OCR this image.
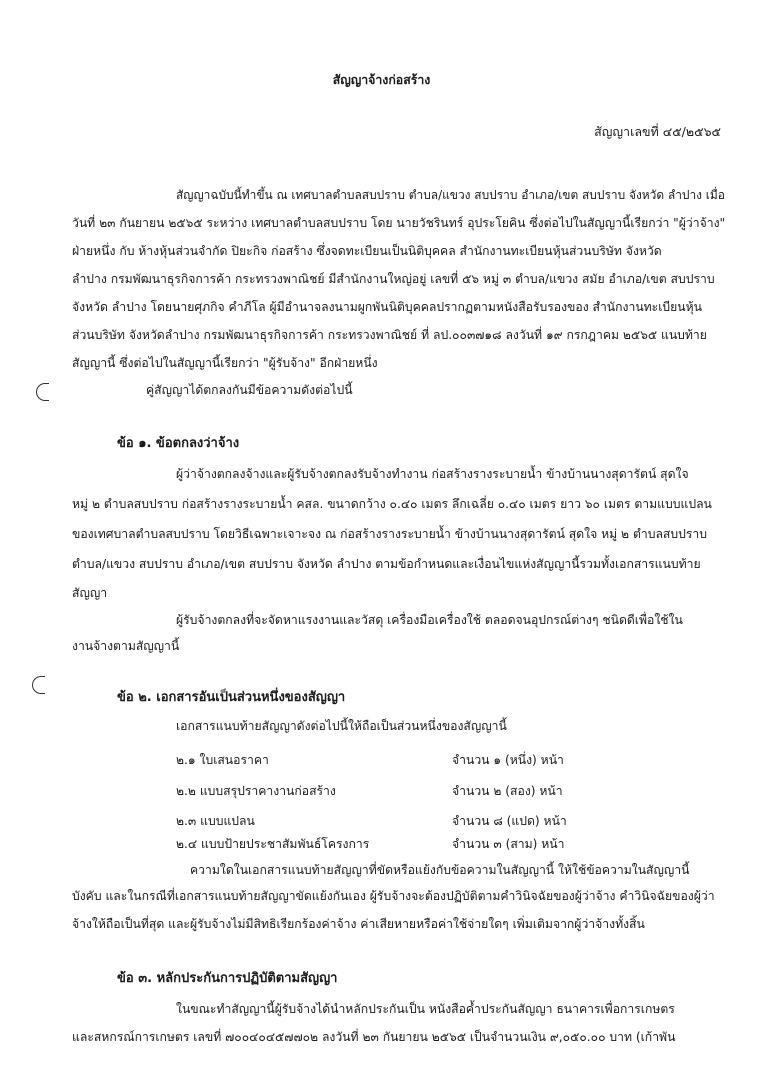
สัญญาจ้างก่อสร้าง
สัญญาเลขที่ ๔๕/๒๕๖๕
สัญญาฉบับนี้ทำขึ้น ณ เทศบาลตำบลสบปราบ ตำบล/แขวง สบปราบ อำเภอ/เขต สบปราบ จังหวัด ลำปาง เมื่อ
วันที่ ๒๓ กันยายน ๒๕๖๕ ระหว่าง เทศบาลตำบลสบปราบ โดย นายวัชรินทร์ อุประโยคิน ซึ่งต่อไปในสัญญานี้เรียกว่า "ผู้ว่าจ้าง"
ฝ่ายหนึ่ง กับ ห้างหุ้นส่วนจำกัด ปิยะกิจ ก่อสร้าง ซึ่งจดทะเบียนเป็นนิติบุคคล สำนักงานทะเบียนหุ้นส่วนบริษัท จังหวัด
ลำปาง กรมพัฒนาธุรกิจการค้า กระทรวงพาณิชย์ มีสำนักงานใหญ่อยู่ เลขที่ ๕๖ หมู่ ๓ ตำบล/แขวง สมัย อำเภอ/เขต สบปราบ
จังหวัด ลำปาง โดยนายศุภกิจ คำภีโล ผู้มีอำนาจลงนามผูกพันนิติบุคคลปรากฏตามหนังสือรับรองของ สำนักงานทะเบียนหุ้น
ส่วนบริษัท จังหวัดลำปาง กรมพัฒนาธุรกิจการค้า กระทรวงพาณิชย์ ที่ ลป.๐๐๓๗๑๘ ลงวันที่ ๑๙ กรกฎาคม ๒๕๖๕ แนบท้าย
สัญญานี้ ซึ่งต่อไปในสัญญานี้เรียกว่า "ผู้รับจ้าง" อีกฝ่ายหนึ่ง
คู่สัญญาได้ตกลงกันมีข้อความดังต่อไปนี้
ข้อ ๑. ข้อตกลงว่าจ้าง
ผู้ว่าจ้างตกลงจ้างและผู้รับจ้างตกลงรับจ้างทำงาน ก่อสร้างรางระบายน้ำ ข้างบ้านนางสุดารัตน์ สุดใจ
หมู่ ๒ ตำบลสบปราบ ก่อสร้างรางระบายน้ำ คสล. ขนาดกว้าง ๐.๔๐ เมตร ลึกเฉลี่ย ๐.๔๐ เมตร ยาว ๖๐ เมตร ตามแบบแปลน
ของเทศบาลตำบลสบปราบ โดยวิธีเฉพาะเจาะจง ณ ก่อสร้างรางระบายน้ำ ข้างบ้านนางสุดารัตน์ สุดใจ หมู่ ๒ ตำบลสบปราบ
ตำบล/แขวง สบปราบ อำเภอ/เขต สบปราบ จังหวัด ลำปาง ตามข้อกำหนดและเงื่อนไขแห่งสัญญานี้รวมทั้งเอกสารแนบท้าย
สัญญา
ผู้รับจ้างตกลงที่จะจัดหาแรงงานและวัสดุ เครื่องมือเครื่องใช้ ตลอดจนอุปกรณ์ต่างๆ ชนิดดีเพื่อใช้ใน
งานจ้างตามสัญญานี้
ข้อ ๒. เอกสารอันเป็นส่วนหนึ่งของสัญญา
เอกสารแนบท้ายสัญญาดังต่อไปนี้ให้ถือเป็นส่วนหนึ่งของสัญญานี้
๒.๑ ใบเสนอราคา	จำนวน ๑ (หนึ่ง) หน้า
๒.๒ แบบสรุปราคางานก่อสร้าง	จำนวน ๒ (สอง) หน้า
๒.๓ แบบแปลน	จำนวน ๘ (แปด) หน้า
๒.๔ แบบป้ายประชาสัมพันธ์โครงการ	จำนวน ๓ (สาม) หน้า
ความใดในเอกสารแนบท้ายสัญญาที่ขัดหรือแย้งกับข้อความในสัญญานี้ ให้ใช้ข้อความในสัญญานี้
บังคับ และในกรณีที่เอกสารแนบท้ายสัญญาขัดแย้งกันเอง ผู้รับจ้างจะต้องปฏิบัติตามคำวินิจฉัยของผู้ว่าจ้าง คำวินิจฉัยของผู้ว่า
จ้างให้ถือเป็นที่สุด และผู้รับจ้างไม่มีสิทธิเรียกร้องค่าจ้าง ค่าเสียหายหรือค่าใช้จ่ายใดๆ เพิ่มเติมจากผู้ว่าจ้างทั้งสิ้น
ข้อ ๓. หลักประกันการปฏิบัติตามสัญญา
ในขณะทำสัญญานี้ผู้รับจ้างได้นำหลักประกันเป็น หนังสือค้ำประกันสัญญา ธนาคารเพื่อการเกษตร
และสหกรณ์การเกษตร เลขที่ ๗๐๐๔๐๔๕๗๗๐๒ ลงวันที่ ๒๓ กันยายน ๒๕๖๕ เป็นจำนวนเงิน ๙,๐๕๐.๐๐ บาท (เก้าพัน
